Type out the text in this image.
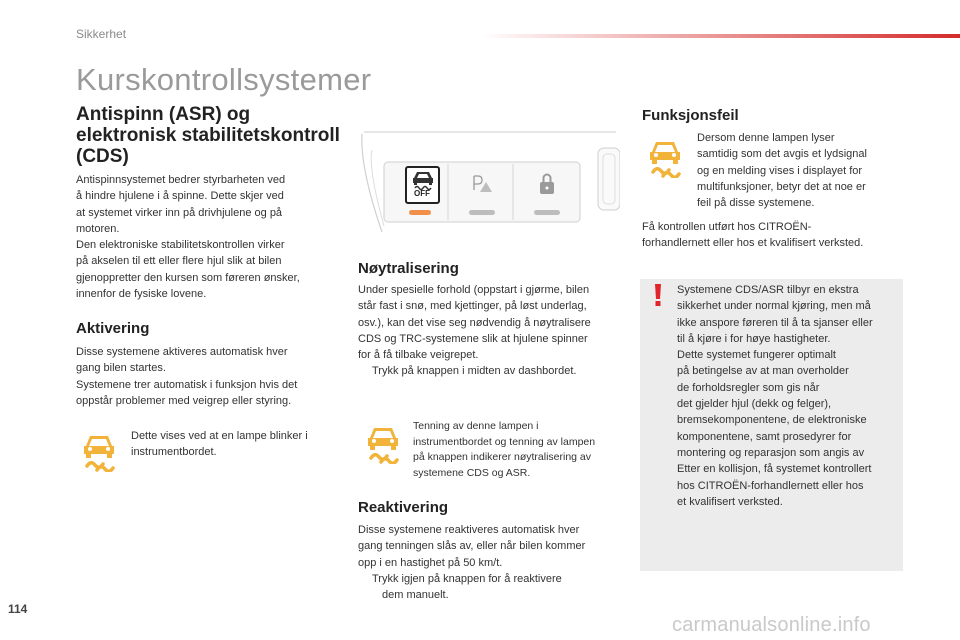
Sikkerhet
Kurskontrollsystemer
Antispinn (ASR) og elektronisk stabilitetskontroll (CDS)
Antispinnsystemet bedrer styrbarheten ved
å hindre hjulene i å spinne. Dette skjer ved
at systemet virker inn på drivhjulene og på
motoren.
Den elektroniske stabilitetskontrollen virker
på akselen til ett eller flere hjul slik at bilen
gjenoppretter den kursen som føreren ønsker,
innenfor de fysiske lovene.
Aktivering
Disse systemene aktiveres automatisk hver
gang bilen startes.
Systemene trer automatisk i funksjon hvis det
oppstår problemer med veigrep eller styring.
Dette vises ved at en lampe blinker i
instrumentbordet.
OFF
Nøytralisering
Under spesielle forhold (oppstart i gjørme, bilen
står fast i snø, med kjettinger, på løst underlag,
osv.), kan det vise seg nødvendig å nøytralisere
CDS og TRC-systemene slik at hjulene spinner
for å få tilbake veigrepet.
Trykk på knappen i midten av dashbordet.
Tenning av denne lampen i
instrumentbordet og tenning av lampen
på knappen indikerer nøytralisering av
systemene CDS og ASR.
Reaktivering
Disse systemene reaktiveres automatisk hver
gang tenningen slås av, eller når bilen kommer
opp i en hastighet på 50 km/t.
Trykk igjen på knappen for å reaktivere
dem manuelt.
Funksjonsfeil
Dersom denne lampen lyser
samtidig som det avgis et lydsignal
og en melding vises i displayet for
multifunksjoner, betyr det at noe er
feil på disse systemene.
Få kontrollen utført hos CITROËN-
forhandlernett eller hos et kvalifisert verksted.
Systemene CDS/ASR tilbyr en ekstra
sikkerhet under normal kjøring, men må
ikke anspore føreren til å ta sjanser eller
til å kjøre i for høye hastigheter.
Dette systemet fungerer optimalt
på betingelse av at man overholder
de forholdsregler som gis når
det gjelder hjul (dekk og felger),
bremsekomponentene, de elektroniske
komponentene, samt prosedyrer for
montering og reparasjon som angis av
Etter en kollisjon, få systemet kontrollert
hos CITROËN-forhandlernett eller hos
et kvalifisert verksted.
114
carmanualsonline.info
